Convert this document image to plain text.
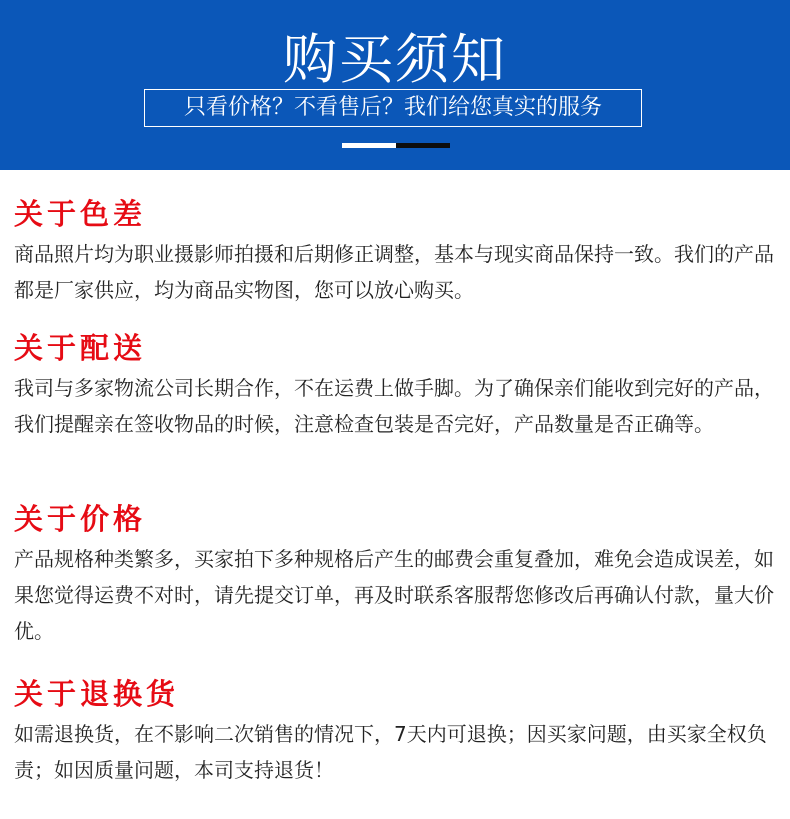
购买须知
只看价格？不看售后？我们给您真实的服务
关于色差

商品照片均为职业摄影师拍摄和后期修正调整，基本与现实商品保持一致。我们的产品都是厂家供应，均为商品实物图，您可以放心购买。

关于配送

我司与多家物流公司长期合作，不在运费上做手脚。为了确保亲们能收到完好的产品，我们提醒亲在签收物品的时候，注意检查包装是否完好，产品数量是否正确等。

关于价格

产品规格种类繁多，买家拍下多种规格后产生的邮费会重复叠加，难免会造成误差，如果您觉得运费不对时，请先提交订单，再及时联系客服帮您修改后再确认付款，量大价优。

关于退换货

如需退换货，在不影响二次销售的情况下，7天内可退换；因买家问题，由买家全权负责；如因质量问题，本司支持退货！
